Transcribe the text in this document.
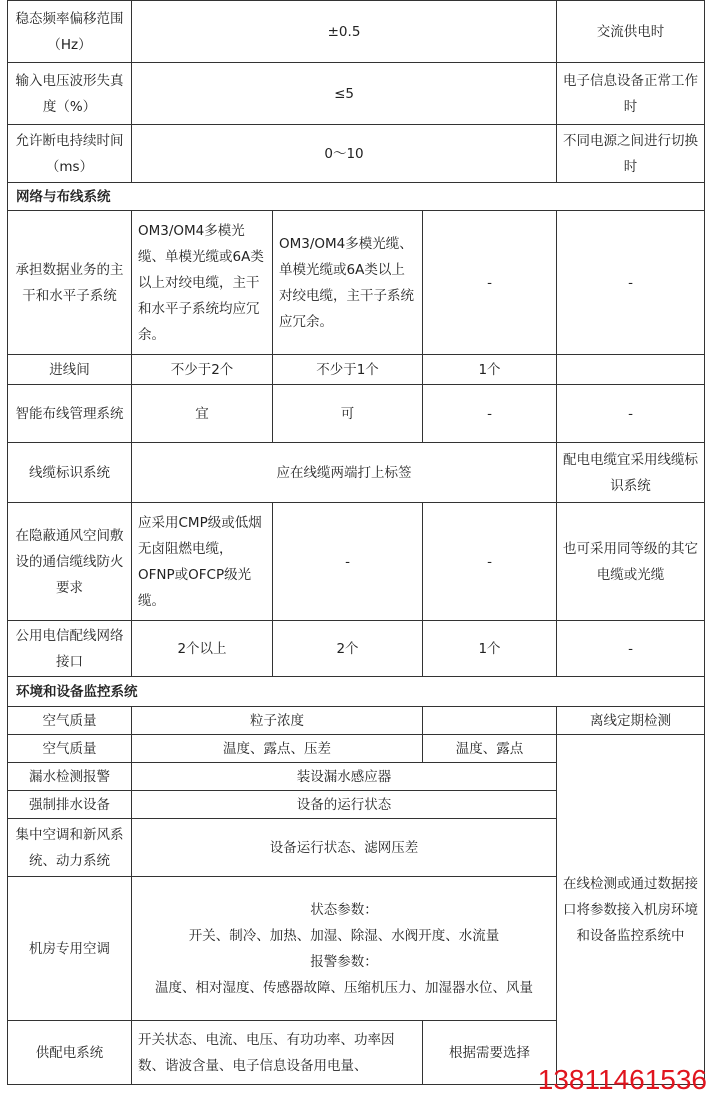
稳态频率偏移范围（Hz）	±0.5			交流供电时	
输入电压波形失真度（%）	≤5			电子信息设备正常工作时	
允许断电持续时间（ms）	0～10			不同电源之间进行切换时	
网络与布线系统					
承担数据业务的主干和水平子系统	OM3/OM4多模光缆、单模光缆或6A类以上对绞电缆，主干和水平子系统均应冗余。	OM3/OM4多模光缆、单模光缆或6A类以上对绞电缆，主干子系统应冗余。	-	-	
进线间	不少于2个	不少于1个	1个		
智能布线管理系统	宜	可	-	-	
线缆标识系统	应在线缆两端打上标签			配电电缆宜采用线缆标识系统	
在隐蔽通风空间敷设的通信缆线防火要求	应采用CMP级或低烟无卤阻燃电缆，OFNP或OFCP级光缆。	-	-	也可采用同等级的其它电缆或光缆	
公用电信配线网络接口	2个以上	2个	1个	-	
环境和设备监控系统					
空气质量	粒子浓度			离线定期检测	
空气质量	温度、露点、压差		温度、露点	在线检测或通过数据接口将参数接入机房环境和设备监控系统中	
漏水检测报警	装设漏水感应器				
强制排水设备	设备的运行状态				
集中空调和新风系统、动力系统	设备运行状态、滤网压差				
机房专用空调	状态参数：
开关、制冷、加热、加湿、除湿、水阀开度、水流量
报警参数：
温度、相对湿度、传感器故障、压缩机压力、加湿器水位、风量				

供配电系统	开关状态、电流、电压、有功功率、功率因数、谐波含量、电子信息设备用电量、		根据需要选择		
13811461536
